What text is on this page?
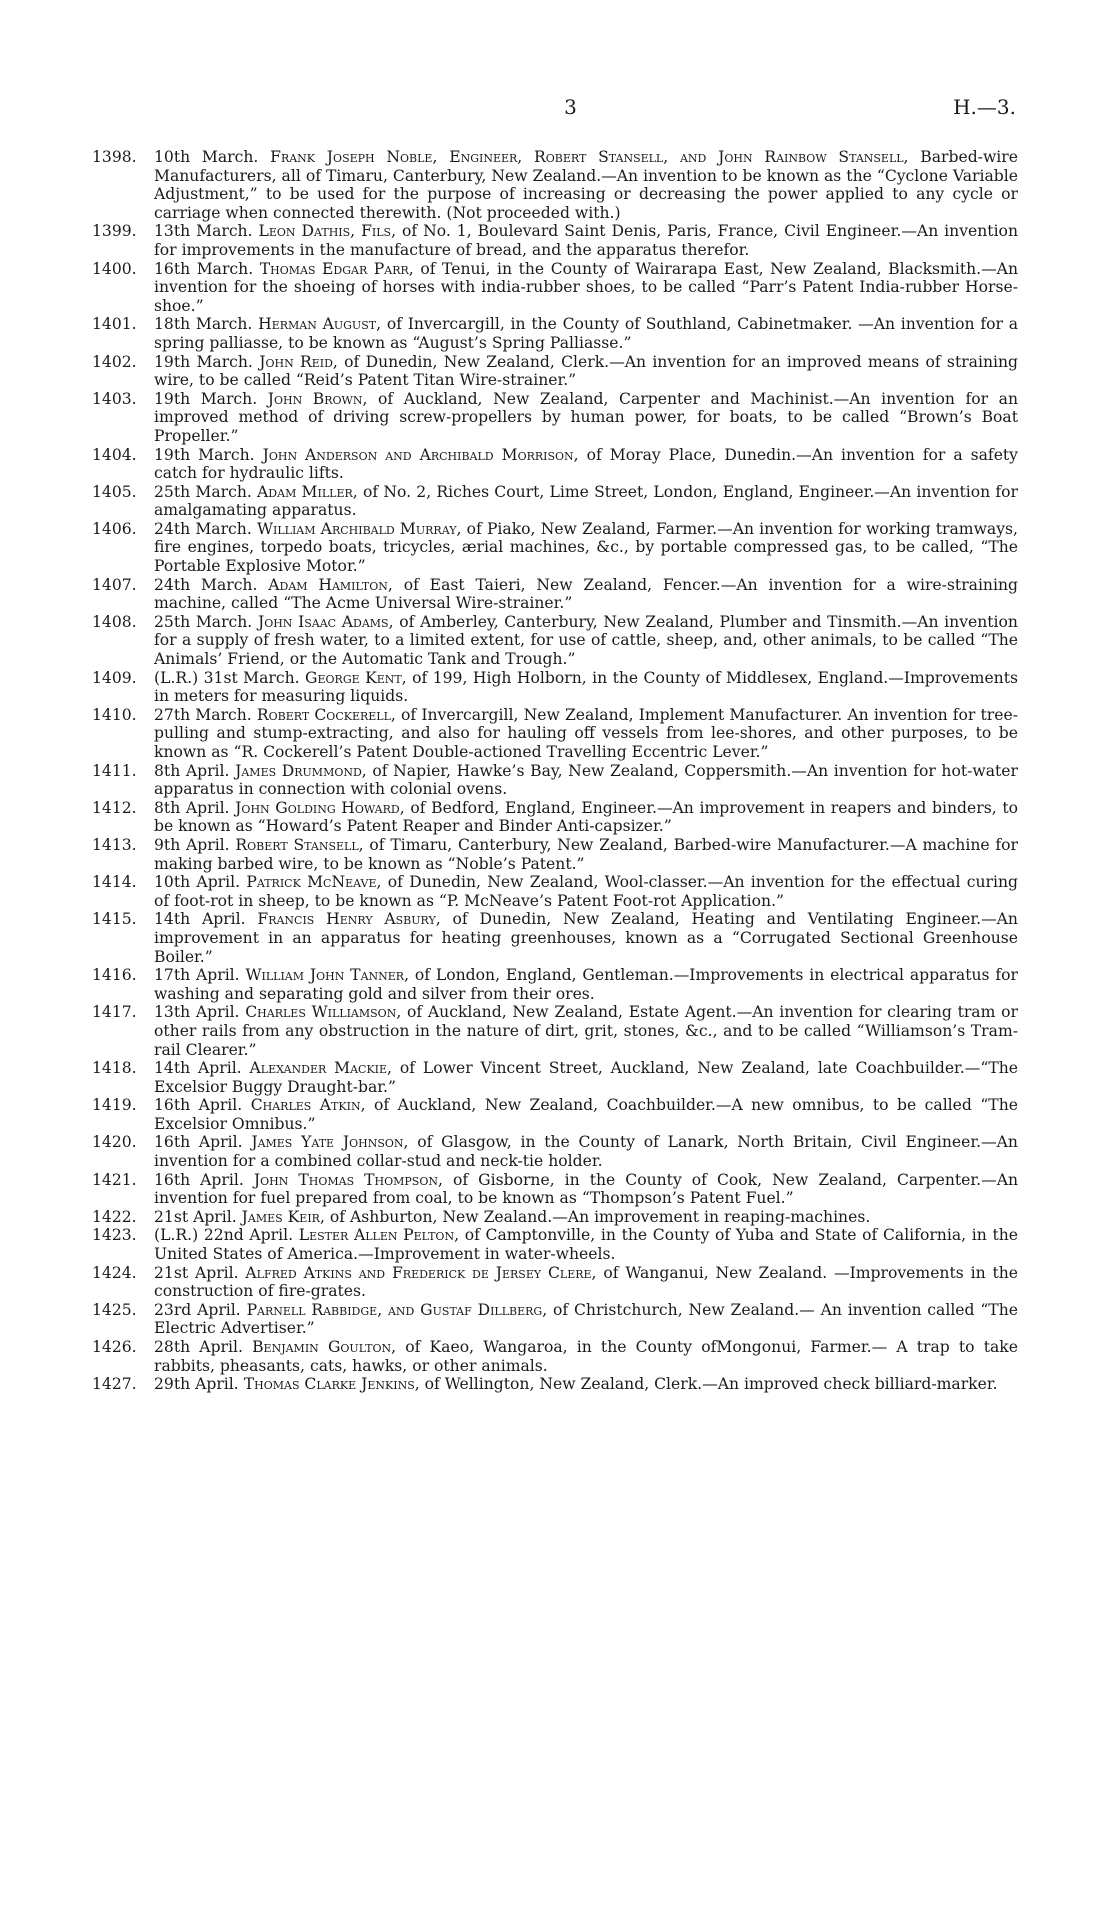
3	H.—3.

1398. 10th March. Frank Joseph Noble, Engineer, Robert Stansell, and John Rainbow Stansell, Barbed-wire Manufacturers, all of Timaru, Canterbury, New Zealand.—An invention to be known as the “Cyclone Variable Adjustment,” to be used for the purpose of increasing or decreasing the power applied to any cycle or carriage when connected therewith. (Not proceeded with.)

1399. 13th March. Leon Dathis, Fils, of No. 1, Boulevard Saint Denis, Paris, France, Civil Engineer.—An invention for improvements in the manufacture of bread, and the apparatus therefor.

1400. 16th March. Thomas Edgar Parr, of Tenui, in the County of Wairarapa East, New Zealand, Blacksmith.—An invention for the shoeing of horses with india-rubber shoes, to be called “Parr’s Patent India-rubber Horse-shoe.”

1401. 18th March. Herman August, of Invercargill, in the County of Southland, Cabinetmaker. —An invention for a spring palliasse, to be known as “August’s Spring Palliasse.”

1402. 19th March. John Reid, of Dunedin, New Zealand, Clerk.—An invention for an improved means of straining wire, to be called “Reid’s Patent Titan Wire-strainer.”

1403. 19th March. John Brown, of Auckland, New Zealand, Carpenter and Machinist.—An invention for an improved method of driving screw-propellers by human power, for boats, to be called “Brown’s Boat Propeller.”

1404. 19th March. John Anderson and Archibald Morrison, of Moray Place, Dunedin.—An invention for a safety catch for hydraulic lifts.

1405. 25th March. Adam Miller, of No. 2, Riches Court, Lime Street, London, England, Engineer.—An invention for amalgamating apparatus.

1406. 24th March. William Archibald Murray, of Piako, New Zealand, Farmer.—An invention for working tramways, fire engines, torpedo boats, tricycles, ærial machines, &c., by portable compressed gas, to be called, “The Portable Explosive Motor.”

1407. 24th March. Adam Hamilton, of East Taieri, New Zealand, Fencer.—An invention for a wire-straining machine, called “The Acme Universal Wire-strainer.”

1408. 25th March. John Isaac Adams, of Amberley, Canterbury, New Zealand, Plumber and Tinsmith.—An invention for a supply of fresh water, to a limited extent, for use of cattle, sheep, and, other animals, to be called “The Animals’ Friend, or the Automatic Tank and Trough.”

1409. (L.R.) 31st March. George Kent, of 199, High Holborn, in the County of Middlesex, England.—Improvements in meters for measuring liquids.

1410. 27th March. Robert Cockerell, of Invercargill, New Zealand, Implement Manufacturer. An invention for tree-pulling and stump-extracting, and also for hauling off vessels from lee-shores, and other purposes, to be known as “R. Cockerell’s Patent Double-actioned Travelling Eccentric Lever.”

1411. 8th April. James Drummond, of Napier, Hawke’s Bay, New Zealand, Coppersmith.—An invention for hot-water apparatus in connection with colonial ovens.

1412. 8th April. John Golding Howard, of Bedford, England, Engineer.—An improvement in reapers and binders, to be known as “Howard’s Patent Reaper and Binder Anti-capsizer.”

1413. 9th April. Robert Stansell, of Timaru, Canterbury, New Zealand, Barbed-wire Manufacturer.—A machine for making barbed wire, to be known as “Noble’s Patent.”

1414. 10th April. Patrick McNeave, of Dunedin, New Zealand, Wool-classer.—An invention for the effectual curing of foot-rot in sheep, to be known as “P. McNeave’s Patent Foot-rot Application.”

1415. 14th April. Francis Henry Asbury, of Dunedin, New Zealand, Heating and Ventilating Engineer.—An improvement in an apparatus for heating greenhouses, known as a “Corrugated Sectional Greenhouse Boiler.”

1416. 17th April. William John Tanner, of London, England, Gentleman.—Improvements in electrical apparatus for washing and separating gold and silver from their ores.

1417. 13th April. Charles Williamson, of Auckland, New Zealand, Estate Agent.—An invention for clearing tram or other rails from any obstruction in the nature of dirt, grit, stones, &c., and to be called “Williamson’s Tram-rail Clearer.”

1418. 14th April. Alexander Mackie, of Lower Vincent Street, Auckland, New Zealand, late Coachbuilder.—“The Excelsior Buggy Draught-bar.”

1419. 16th April. Charles Atkin, of Auckland, New Zealand, Coachbuilder.—A new omnibus, to be called “The Excelsior Omnibus.”

1420. 16th April. James Yate Johnson, of Glasgow, in the County of Lanark, North Britain, Civil Engineer.—An invention for a combined collar-stud and neck-tie holder.

1421. 16th April. John Thomas Thompson, of Gisborne, in the County of Cook, New Zealand, Carpenter.—An invention for fuel prepared from coal, to be known as “Thompson’s Patent Fuel.”

1422. 21st April. James Keir, of Ashburton, New Zealand.—An improvement in reaping-machines.

1423. (L.R.) 22nd April. Lester Allen Pelton, of Camptonville, in the County of Yuba and State of California, in the United States of America.—Improvement in water-wheels.

1424. 21st April. Alfred Atkins and Frederick de Jersey Clere, of Wanganui, New Zealand. —Improvements in the construction of fire-grates.

1425. 23rd April. Parnell Rabbidge, and Gustaf Dillberg, of Christchurch, New Zealand.— An invention called “The Electric Advertiser.”

1426. 28th April. Benjamin Goulton, of Kaeo, Wangaroa, in the County ofMongonui, Farmer.— A trap to take rabbits, pheasants, cats, hawks, or other animals.

1427. 29th April. Thomas Clarke Jenkins, of Wellington, New Zealand, Clerk.—An improved check billiard-marker.
